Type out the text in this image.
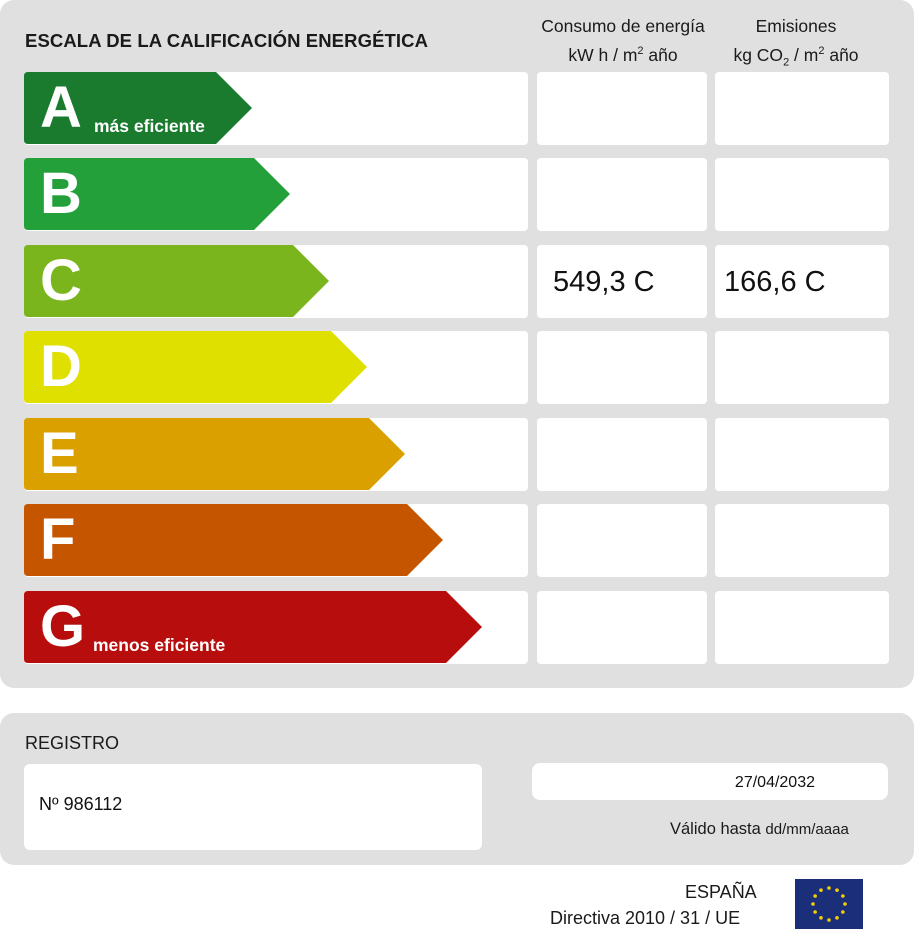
ESCALA DE LA CALIFICACIÓN ENERGÉTICA
Consumo de energía
kW h / $m^2$ año
Emisiones
kg $CO_2 / m^2$ año
A más eficiente
B
549,3 C 166,6 C
C
D
E
F
G menos eficiente
REGISTRO
Nº 986112
27/04/2032
Válido hasta dd/mm/aaaa
ESPAÑA
Directiva 2010 / 31 / UE
